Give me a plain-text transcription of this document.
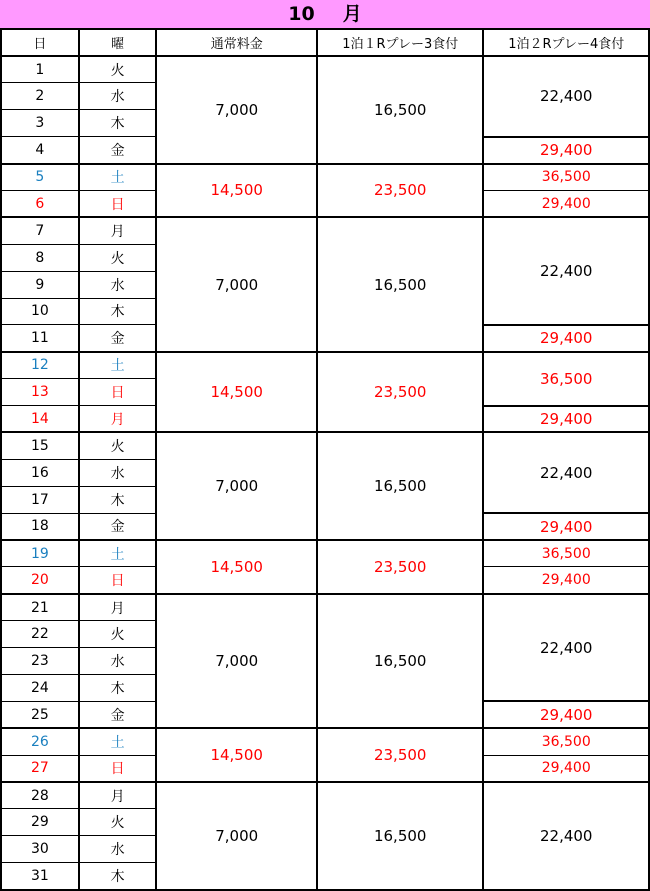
10 月
日	曜	通常料金	1泊１Rプレー3食付	1泊２Rプレー4食付
1	火	7,000	16,500	22,400
2	水			
3	木			
4	金			29,400
5	土	14,500	23,500	36,500
6	日			29,400
7	月	7,000	16,500	22,400
8	火			
9	水			
10	木			
11	金			29,400
12	土	14,500	23,500	36,500
13	日			
14	月			29,400
15	火	7,000	16,500	22,400
16	水			
17	木			
18	金			29,400
19	土	14,500	23,500	36,500
20	日			29,400
21	月	7,000	16,500	22,400
22	火			
23	水			
24	木			
25	金			29,400
26	土	14,500	23,500	36,500
27	日			29,400
28	月	7,000	16,500	22,400
29	火			
30	水			
31	木			
